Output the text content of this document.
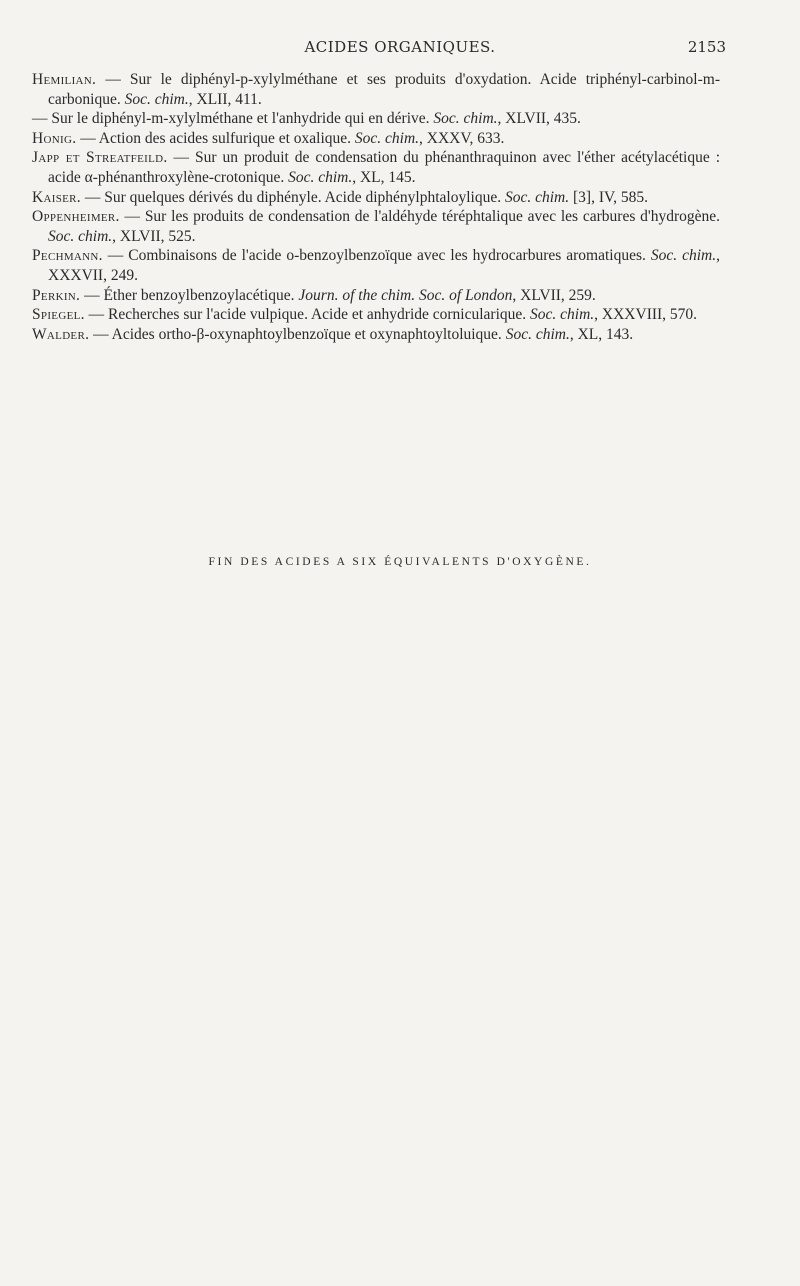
ACIDES ORGANIQUES.	2153

Hemilian. — Sur le diphényl-p-xylylméthane et ses produits d'oxydation. Acide triphényl-carbinol-m-carbonique. Soc. chim., XLII, 411.

— Sur le diphényl-m-xylylméthane et l'anhydride qui en dérive. Soc. chim., XLVII, 435.

Honig. — Action des acides sulfurique et oxalique. Soc. chim., XXXV, 633.

Japp et Streatfeild. — Sur un produit de condensation du phénanthraquinon avec l'éther acétylacétique : acide α-phénanthroxylène-crotonique. Soc. chim., XL, 145.

Kaiser. — Sur quelques dérivés du diphényle. Acide diphénylphtaloylique. Soc. chim. [3], IV, 585.

Oppenheimer. — Sur les produits de condensation de l'aldéhyde téréphtalique avec les carbures d'hydrogène. Soc. chim., XLVII, 525.

Pechmann. — Combinaisons de l'acide o-benzoylbenzoïque avec les hydrocarbures aromatiques. Soc. chim., XXXVII, 249.

Perkin. — Éther benzoylbenzoylacétique. Journ. of the chim. Soc. of London, XLVII, 259.

Spiegel. — Recherches sur l'acide vulpique. Acide et anhydride cornicularique. Soc. chim., XXXVIII, 570.

Walder. — Acides ortho-β-oxynaphtoylbenzoïque et oxynaphtoyltoluique. Soc. chim., XL, 143.

FIN DES ACIDES A SIX ÉQUIVALENTS D'OXYGÈNE.
